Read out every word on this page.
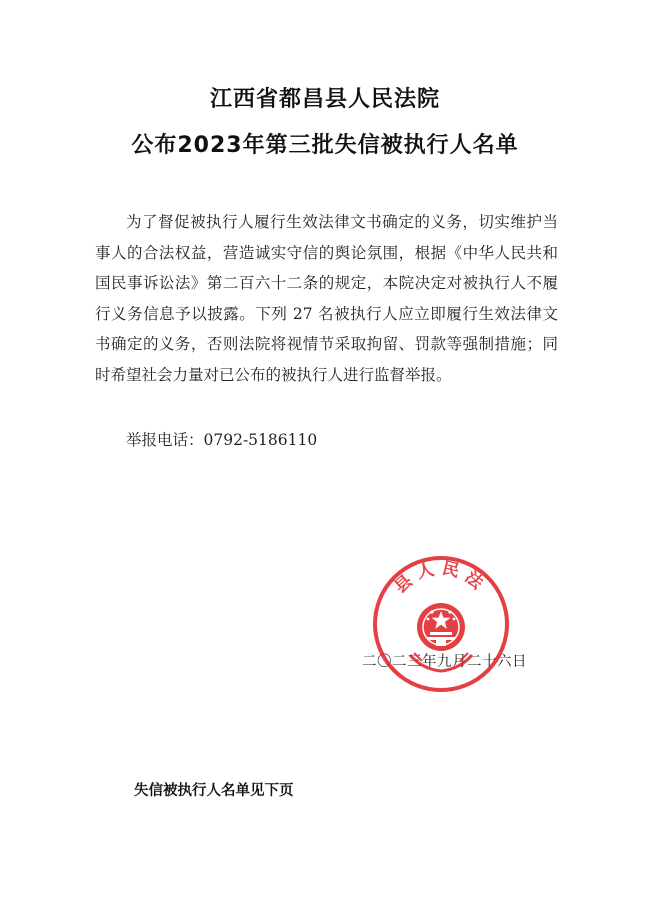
江西省都昌县人民法院
公布2023年第三批失信被执行人名单
为了督促被执行人履行生效法律文书确定的义务，切实维护当事人的合法权益，营造诚实守信的舆论氛围，根据《中华人民共和国民事诉讼法》第二百六十二条的规定，本院决定对被执行人不履行义务信息予以披露。下列 27 名被执行人应立即履行生效法律文书确定的义务，否则法院将视情节采取拘留、罚款等强制措施；同时希望社会力量对已公布的被执行人进行监督举报。
举报电话：0792-5186110
二〇二三年九月二十六日
县人民法
失信被执行人名单见下页
